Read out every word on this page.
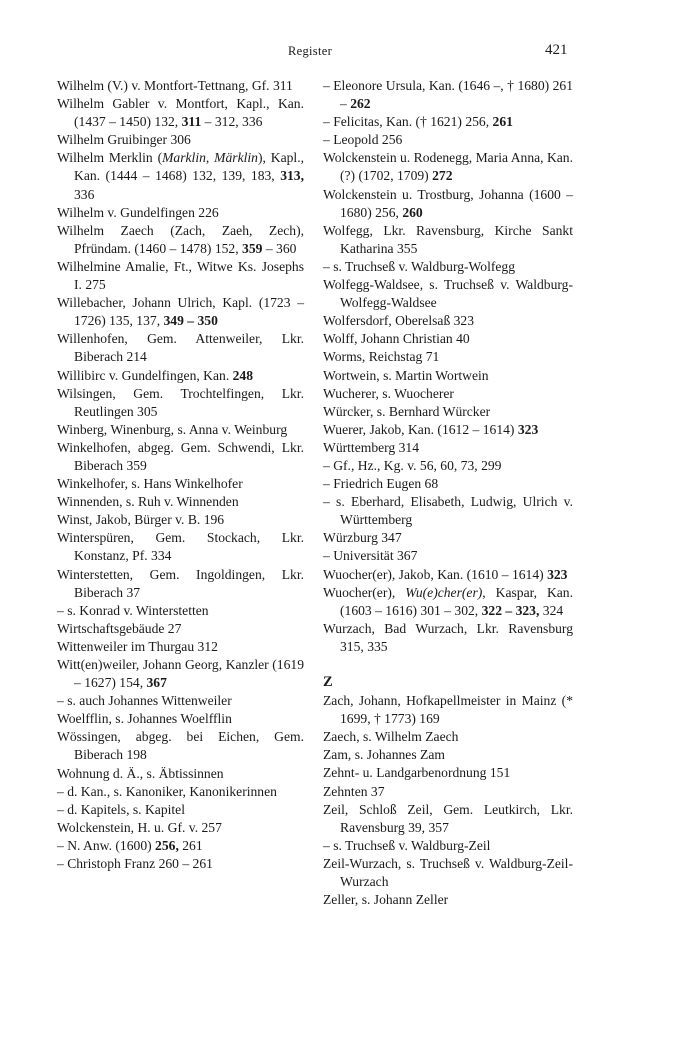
Register	421
Wilhelm (V.) v. Montfort-Tettnang, Gf. 311
Wilhelm Gabler v. Montfort, Kapl., Kan. (1437 – 1450) 132, 311 – 312, 336
Wilhelm Gruibinger 306
Wilhelm Merklin (Marklin, Märklin), Kapl., Kan. (1444 – 1468) 132, 139, 183, 313, 336
Wilhelm v. Gundelfingen 226
Wilhelm Zaech (Zach, Zaeh, Zech), Pfründam. (1460 – 1478) 152, 359 – 360
Wilhelmine Amalie, Ft., Witwe Ks. Josephs I. 275
Willebacher, Johann Ulrich, Kapl. (1723 – 1726) 135, 137, 349 – 350
Willenhofen, Gem. Attenweiler, Lkr. Biberach 214
Willibirc v. Gundelfingen, Kan. 248
Wilsingen, Gem. Trochtelfingen, Lkr. Reutlingen 305
Winberg, Winenburg, s. Anna v. Weinburg
Winkelhofen, abgeg. Gem. Schwendi, Lkr. Biberach 359
Winkelhofer, s. Hans Winkelhofer
Winnenden, s. Ruh v. Winnenden
Winst, Jakob, Bürger v. B. 196
Winterspüren, Gem. Stockach, Lkr. Konstanz, Pf. 334
Winterstetten, Gem. Ingoldingen, Lkr. Biberach 37
– s. Konrad v. Winterstetten
Wirtschaftsgebäude 27
Wittenweiler im Thurgau 312
Witt(en)weiler, Johann Georg, Kanzler (1619 – 1627) 154, 367
– s. auch Johannes Wittenweiler
Woelfflin, s. Johannes Woelfflin
Wössingen, abgeg. bei Eichen, Gem. Biberach 198
Wohnung d. Ä., s. Äbtissinnen
– d. Kan., s. Kanoniker, Kanonikerinnen
– d. Kapitels, s. Kapitel
Wolckenstein, H. u. Gf. v. 257
– N. Anw. (1600) 256, 261
– Christoph Franz 260 – 261
– Eleonore Ursula, Kan. (1646 –, † 1680) 261 – 262
– Felicitas, Kan. († 1621) 256, 261
– Leopold 256
Wolckenstein u. Rodenegg, Maria Anna, Kan. (?) (1702, 1709) 272
Wolckenstein u. Trostburg, Johanna (1600 – 1680) 256, 260
Wolfegg, Lkr. Ravensburg, Kirche Sankt Katharina 355
– s. Truchseß v. Waldburg-Wolfegg
Wolfegg-Waldsee, s. Truchseß v. Waldburg-Wolfegg-Waldsee
Wolfersdorf, Oberelsaß 323
Wolff, Johann Christian 40
Worms, Reichstag 71
Wortwein, s. Martin Wortwein
Wucherer, s. Wuocherer
Würcker, s. Bernhard Würcker
Wuerer, Jakob, Kan. (1612 – 1614) 323
Württemberg 314
– Gf., Hz., Kg. v. 56, 60, 73, 299
– Friedrich Eugen 68
– s. Eberhard, Elisabeth, Ludwig, Ulrich v. Württemberg
Würzburg 347
– Universität 367
Wuocher(er), Jakob, Kan. (1610 – 1614) 323
Wuocher(er), Wu(e)cher(er), Kaspar, Kan. (1603 – 1616) 301 – 302, 322 – 323, 324
Wurzach, Bad Wurzach, Lkr. Ravensburg 315, 335
Z
Zach, Johann, Hofkapellmeister in Mainz (* 1699, † 1773) 169
Zaech, s. Wilhelm Zaech
Zam, s. Johannes Zam
Zehnt- u. Landgarbenordnung 151
Zehnten 37
Zeil, Schloß Zeil, Gem. Leutkirch, Lkr. Ravensburg 39, 357
– s. Truchseß v. Waldburg-Zeil
Zeil-Wurzach, s. Truchseß v. Waldburg-Zeil-Wurzach
Zeller, s. Johann Zeller
